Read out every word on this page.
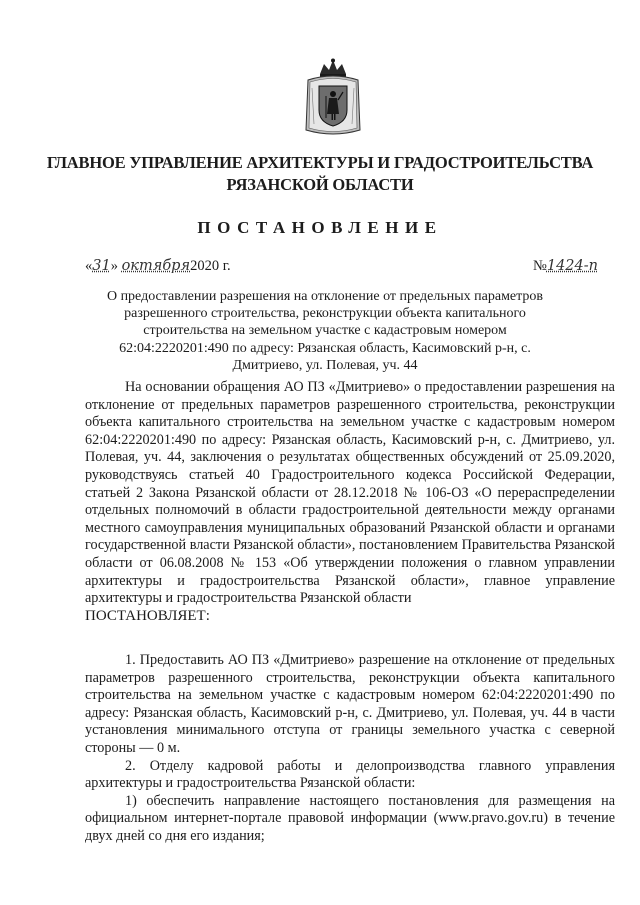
ГЛАВНОЕ УПРАВЛЕНИЕ АРХИТЕКТУРЫ И ГРАДОСТРОИТЕЛЬСТВА
РЯЗАНСКОЙ ОБЛАСТИ
ПОСТАНОВЛЕНИЕ
«31» октября2020 г.	№1424-п
О предоставлении разрешения на отклонение от предельных параметров разрешенного строительства, реконструкции объекта капитального строительства на земельном участке с кадастровым номером 62:04:2220201:490 по адресу: Рязанская область, Касимовский р-н, с. Дмитриево, ул. Полевая, уч. 44

На основании обращения АО ПЗ «Дмитриево» о предоставлении разрешения на отклонение от предельных параметров разрешенного строительства, реконструкции объекта капитального строительства на земельном участке с кадастровым номером 62:04:2220201:490 по адресу: Рязанская область, Касимовский р-н, с. Дмитриево, ул. Полевая, уч. 44, заключения о результатах общественных обсуждений от 25.09.2020, руководствуясь статьей 40 Градостроительного кодекса Российской Федерации, статьей 2 Закона Рязанской области от 28.12.2018 № 106-ОЗ «О перераспределении отдельных полномочий в области градостроительной деятельности между органами местного самоуправления муниципальных образований Рязанской области и органами государственной власти Рязанской области», постановлением Правительства Рязанской области от 06.08.2008 № 153 «Об утверждении положения о главном управлении архитектуры и градостроительства Рязанской области», главное управление архитектуры и градостроительства Рязанской области

ПОСТАНОВЛЯЕТ:

1. Предоставить АО ПЗ «Дмитриево» разрешение на отклонение от предельных параметров разрешенного строительства, реконструкции объекта капитального строительства на земельном участке с кадастровым номером 62:04:2220201:490 по адресу: Рязанская область, Касимовский р-н, с. Дмитриево, ул. Полевая, уч. 44 в части установления минимального отступа от границы земельного участка с северной стороны — 0 м.

2. Отделу кадровой работы и делопроизводства главного управления архитектуры и градостроительства Рязанской области:

1) обеспечить направление настоящего постановления для размещения на официальном интернет-портале правовой информации (www.pravo.gov.ru) в течение двух дней со дня его издания;
